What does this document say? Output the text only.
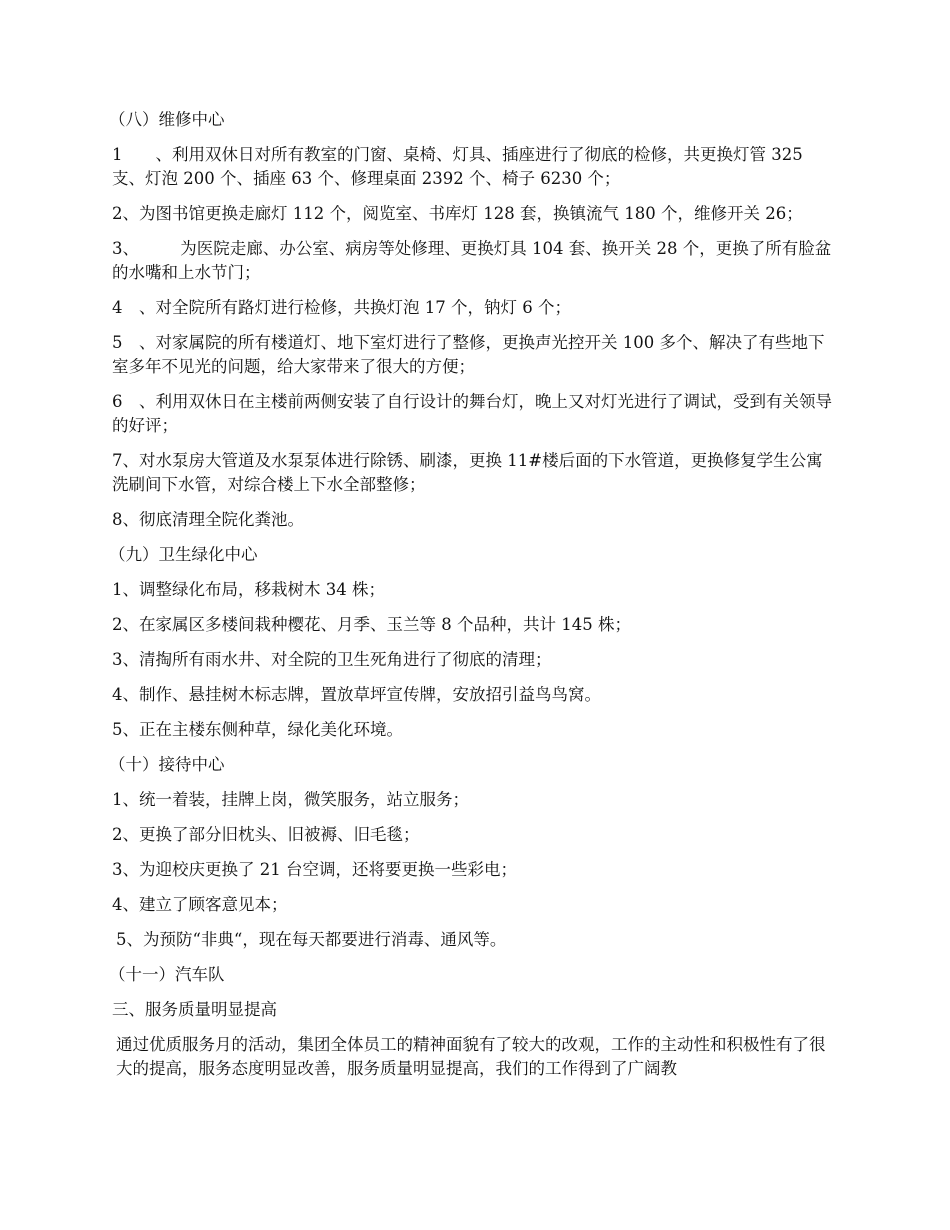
（八）维修中心

1　　、利用双休日对所有教室的门窗、桌椅、灯具、插座进行了彻底的检修，共更换灯管 325 支、灯泡 200 个、插座 63 个、修理桌面 2392 个、椅子 6230 个；

2、为图书馆更换走廊灯 112 个，阅览室、书库灯 128 套，换镇流气 180 个，维修开关 26；

3、　　　为医院走廊、办公室、病房等处修理、更换灯具 104 套、换开关 28 个，更换了所有脸盆的水嘴和上水节门；

4　、对全院所有路灯进行检修，共换灯泡 17 个，钠灯 6 个；

5　、对家属院的所有楼道灯、地下室灯进行了整修，更换声光控开关 100 多个、解决了有些地下室多年不见光的问题，给大家带来了很大的方便；

6　、利用双休日在主楼前两侧安装了自行设计的舞台灯，晚上又对灯光进行了调试，受到有关领导的好评；

7、对水泵房大管道及水泵泵体进行除锈、刷漆，更换 11#楼后面的下水管道，更换修复学生公寓洗刷间下水管，对综合楼上下水全部整修；

8、彻底清理全院化粪池。

（九）卫生绿化中心

1、调整绿化布局，移栽树木 34 株；

2、在家属区多楼间栽种樱花、月季、玉兰等 8 个品种，共计 145 株；

3、清掏所有雨水井、对全院的卫生死角进行了彻底的清理；

4、制作、悬挂树木标志牌，置放草坪宣传牌，安放招引益鸟鸟窝。

5、正在主楼东侧种草，绿化美化环境。

（十）接待中心

1、统一着装，挂牌上岗，微笑服务，站立服务；

2、更换了部分旧枕头、旧被褥、旧毛毯；

3、为迎校庆更换了 21 台空调，还将要更换一些彩电；

4、建立了顾客意见本；

5、为预防“非典“，现在每天都要进行消毒、通风等。

（十一）汽车队

三、服务质量明显提高

通过优质服务月的活动，集团全体员工的精神面貌有了较大的改观，工作的主动性和积极性有了很大的提高，服务态度明显改善，服务质量明显提高，我们的工作得到了广阔教
